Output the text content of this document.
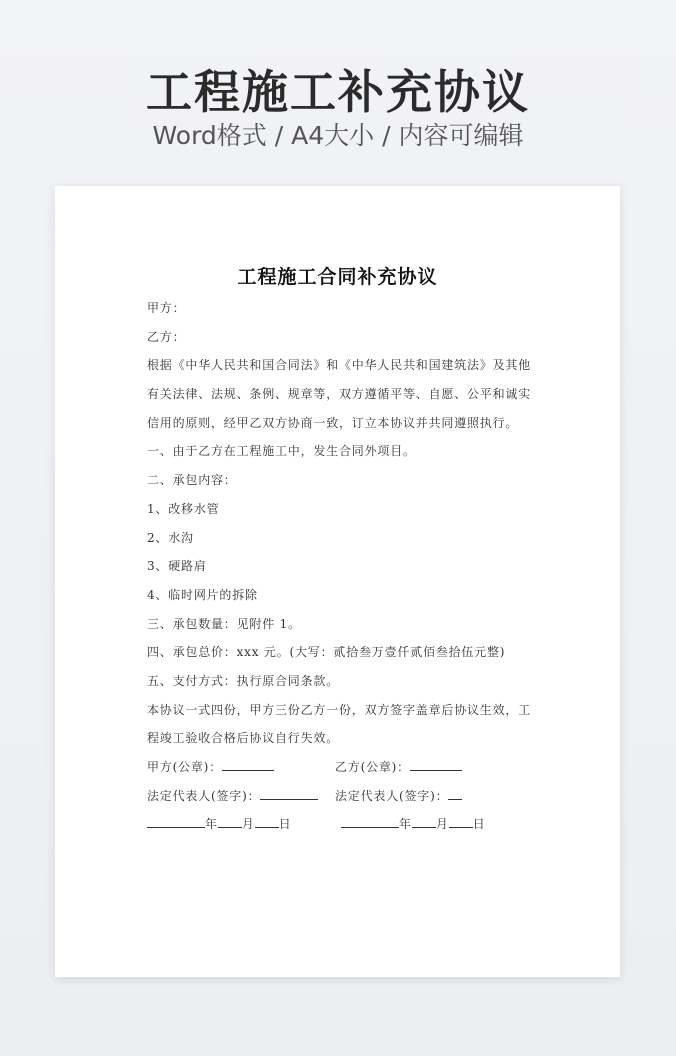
工程施工补充协议
Word格式 / A4大小 / 内容可编辑
工程施工合同补充协议
甲方：
乙方：
根据《中华人民共和国合同法》和《中华人民共和国建筑法》及其他
有关法律、法规、条例、规章等，双方遵循平等、自愿、公平和诚实
信用的原则，经甲乙双方协商一致，订立本协议并共同遵照执行。
一、由于乙方在工程施工中，发生合同外项目。
二、承包内容：
1、改移水管
2、水沟
3、硬路肩
4、临时网片的拆除
三、承包数量：见附件 1。
四、承包总价：xxx 元。(大写：贰拾叁万壹仟贰佰叁拾伍元整)
五、支付方式：执行原合同条款。
本协议一式四份，甲方三份乙方一份，双方签字盖章后协议生效，工
程竣工验收合格后协议自行失效。
甲方(公章)：	乙方(公章)：
法定代表人(签字)：	法定代表人(签字)：
年 月 日	年 月 日
